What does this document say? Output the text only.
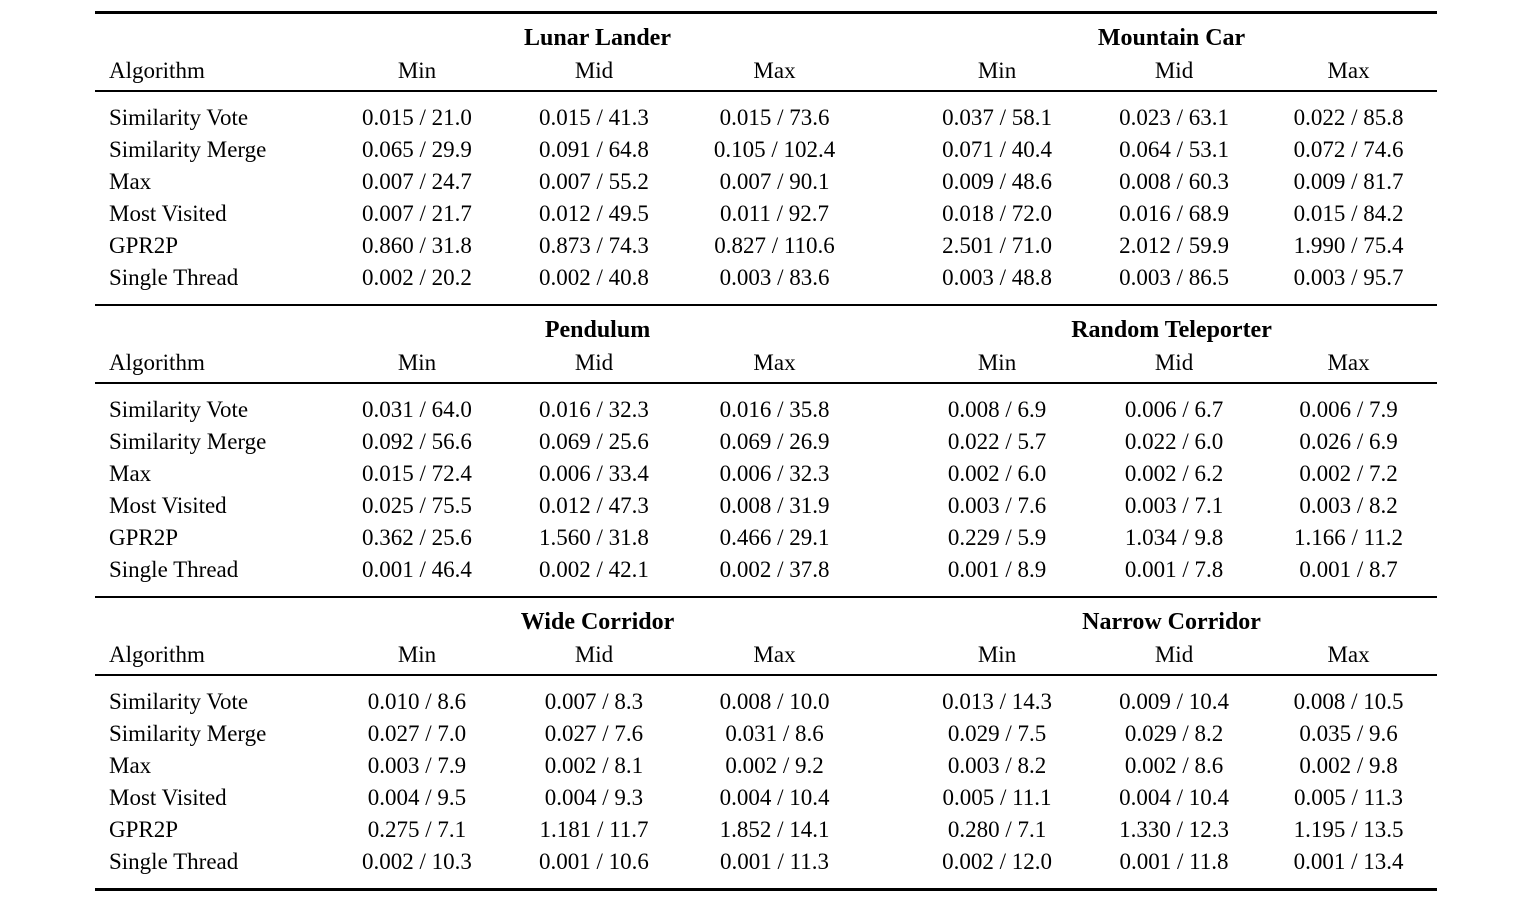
	Lunar Lander				Mountain Car		
Algorithm	Min	Mid	Max		Min	Mid	Max
Similarity Vote	0.015 / 21.0	0.015 / 41.3	0.015 / 73.6		0.037 / 58.1	0.023 / 63.1	0.022 / 85.8
Similarity Merge	0.065 / 29.9	0.091 / 64.8	0.105 / 102.4		0.071 / 40.4	0.064 / 53.1	0.072 / 74.6
Max	0.007 / 24.7	0.007 / 55.2	0.007 / 90.1		0.009 / 48.6	0.008 / 60.3	0.009 / 81.7
Most Visited	0.007 / 21.7	0.012 / 49.5	0.011 / 92.7		0.018 / 72.0	0.016 / 68.9	0.015 / 84.2
GPR2P	0.860 / 31.8	0.873 / 74.3	0.827 / 110.6		2.501 / 71.0	2.012 / 59.9	1.990 / 75.4
Single Thread	0.002 / 20.2	0.002 / 40.8	0.003 / 83.6		0.003 / 48.8	0.003 / 86.5	0.003 / 95.7
	Pendulum				Random Teleporter		
Algorithm	Min	Mid	Max		Min	Mid	Max
Similarity Vote	0.031 / 64.0	0.016 / 32.3	0.016 / 35.8		0.008 / 6.9	0.006 / 6.7	0.006 / 7.9
Similarity Merge	0.092 / 56.6	0.069 / 25.6	0.069 / 26.9		0.022 / 5.7	0.022 / 6.0	0.026 / 6.9
Max	0.015 / 72.4	0.006 / 33.4	0.006 / 32.3		0.002 / 6.0	0.002 / 6.2	0.002 / 7.2
Most Visited	0.025 / 75.5	0.012 / 47.3	0.008 / 31.9		0.003 / 7.6	0.003 / 7.1	0.003 / 8.2
GPR2P	0.362 / 25.6	1.560 / 31.8	0.466 / 29.1		0.229 / 5.9	1.034 / 9.8	1.166 / 11.2
Single Thread	0.001 / 46.4	0.002 / 42.1	0.002 / 37.8		0.001 / 8.9	0.001 / 7.8	0.001 / 8.7
	Wide Corridor				Narrow Corridor		
Algorithm	Min	Mid	Max		Min	Mid	Max
Similarity Vote	0.010 / 8.6	0.007 / 8.3	0.008 / 10.0		0.013 / 14.3	0.009 / 10.4	0.008 / 10.5
Similarity Merge	0.027 / 7.0	0.027 / 7.6	0.031 / 8.6		0.029 / 7.5	0.029 / 8.2	0.035 / 9.6
Max	0.003 / 7.9	0.002 / 8.1	0.002 / 9.2		0.003 / 8.2	0.002 / 8.6	0.002 / 9.8
Most Visited	0.004 / 9.5	0.004 / 9.3	0.004 / 10.4		0.005 / 11.1	0.004 / 10.4	0.005 / 11.3
GPR2P	0.275 / 7.1	1.181 / 11.7	1.852 / 14.1		0.280 / 7.1	1.330 / 12.3	1.195 / 13.5
Single Thread	0.002 / 10.3	0.001 / 10.6	0.001 / 11.3		0.002 / 12.0	0.001 / 11.8	0.001 / 13.4
